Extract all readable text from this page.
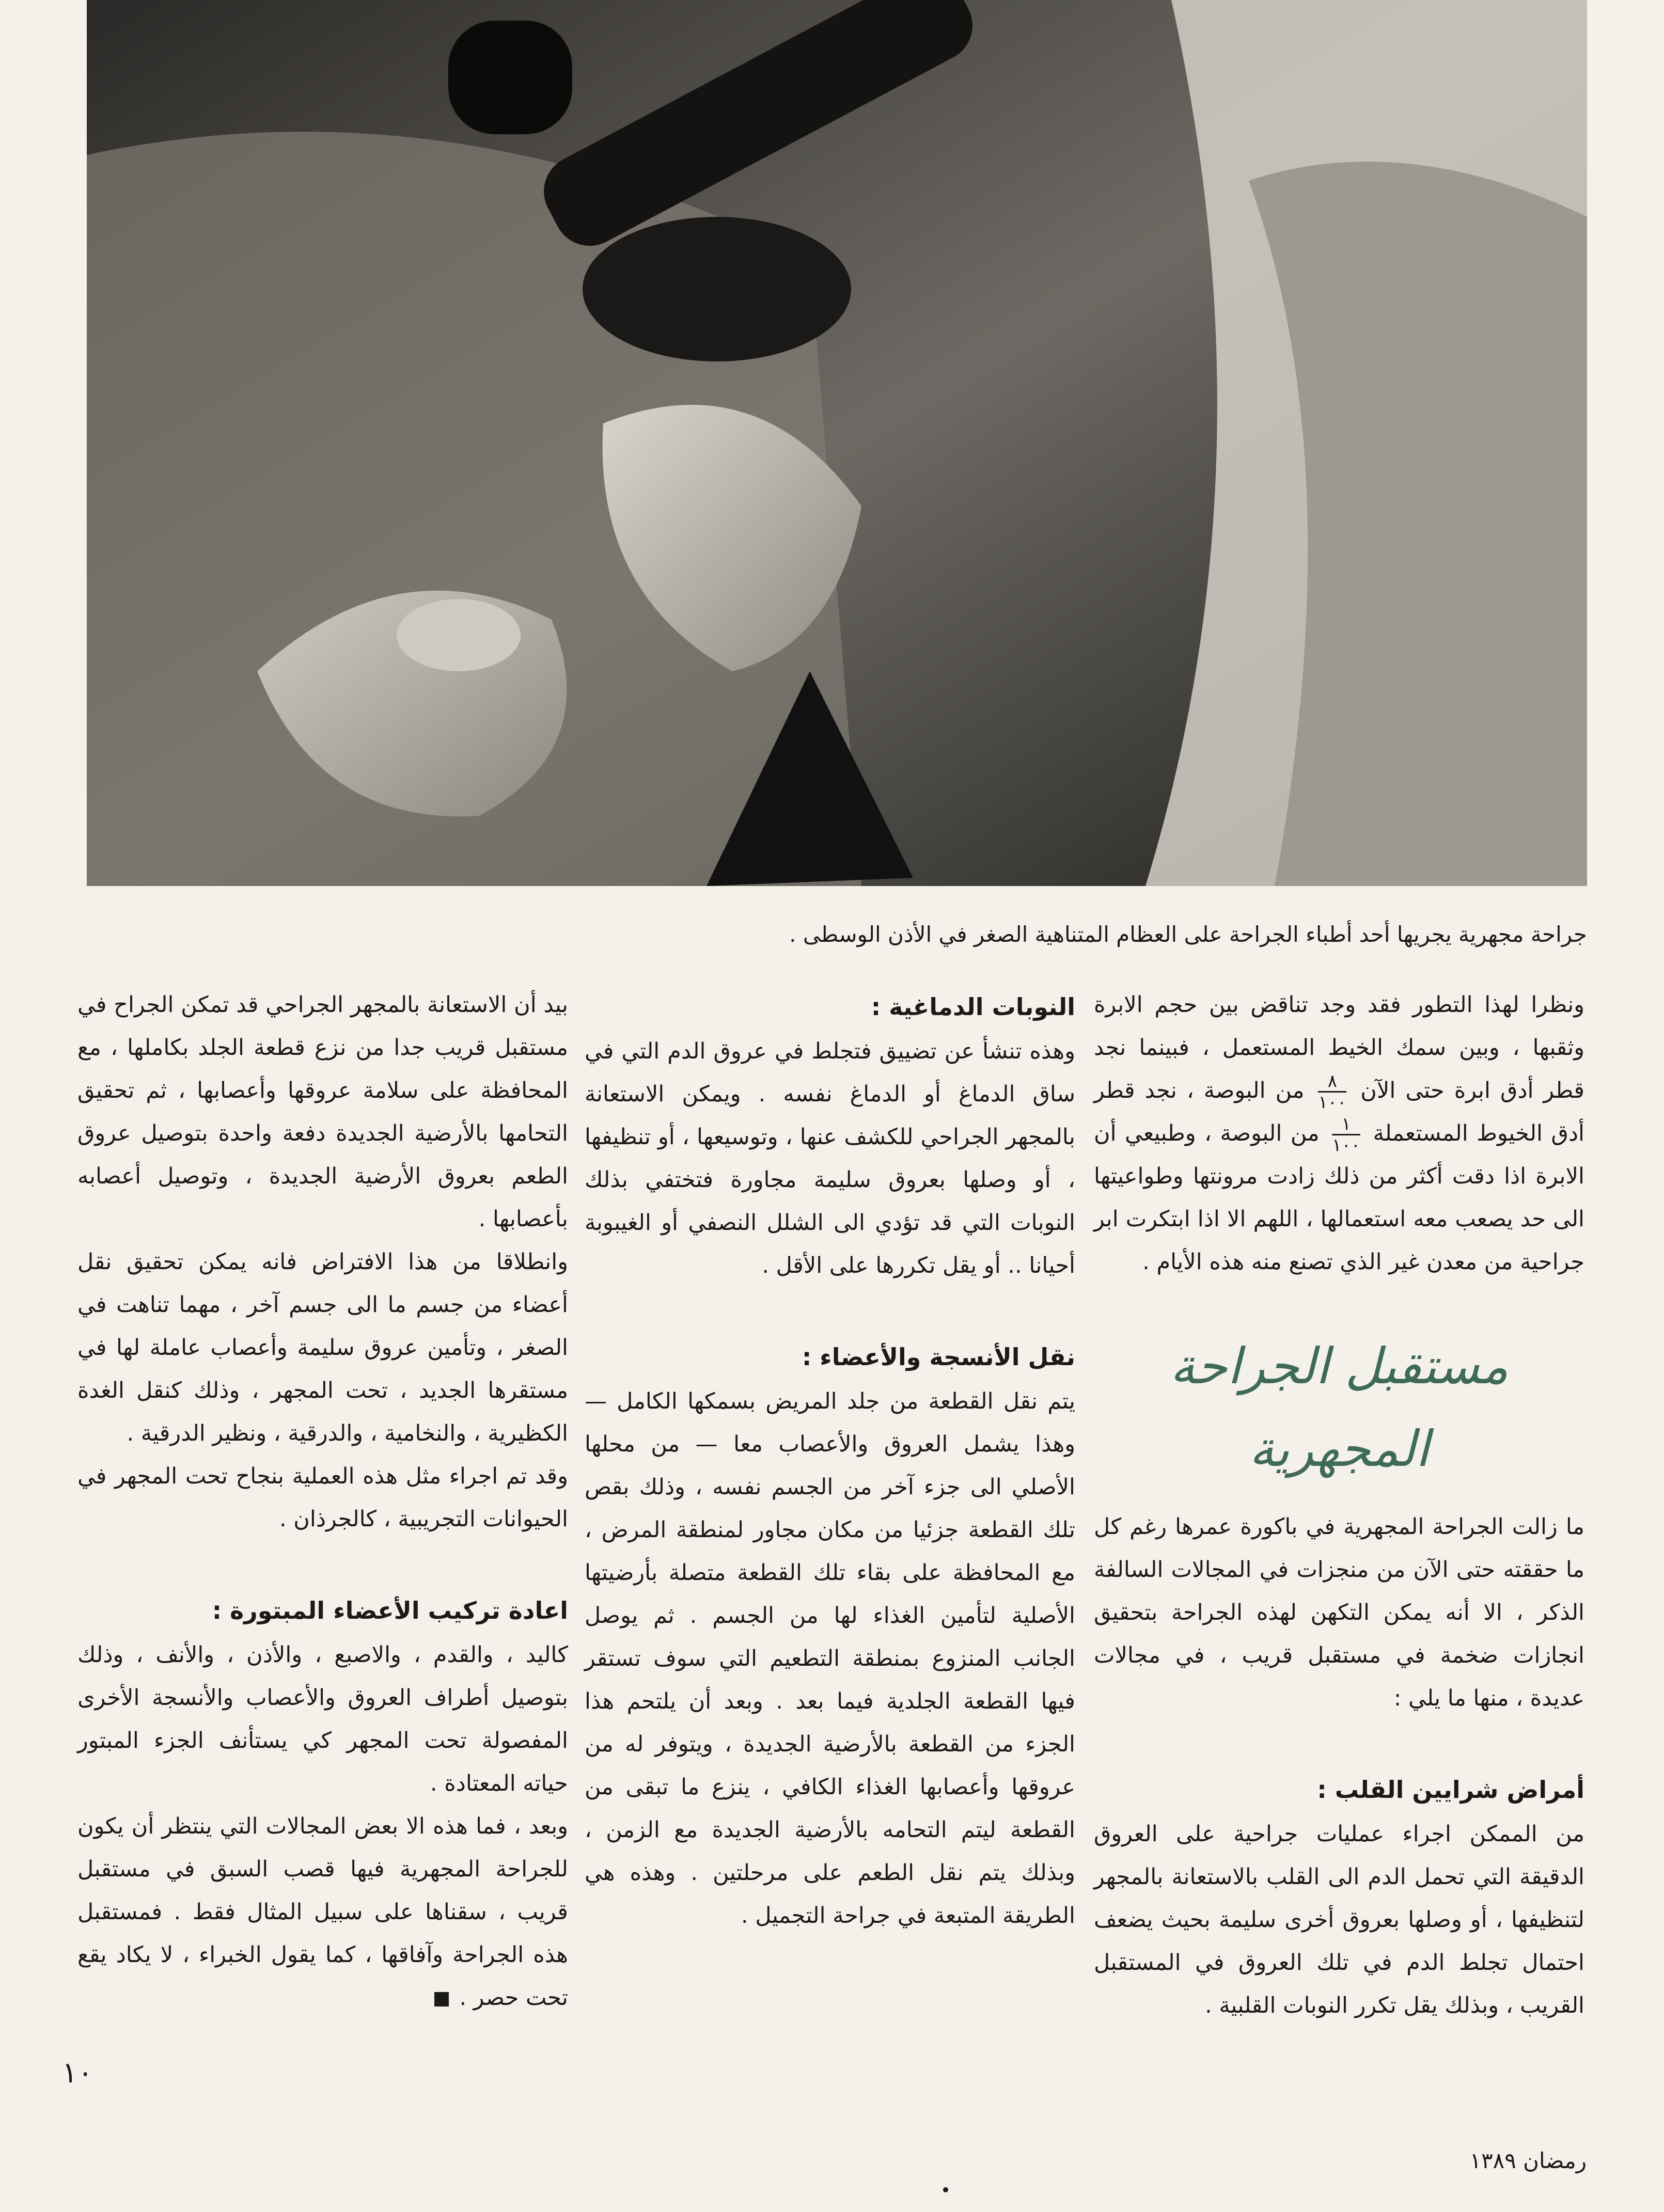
جراحة مجهرية يجريها أحد أطباء الجراحة على العظام المتناهية الصغر في الأذن الوسطى .

ونظرا لهذا التطور فقد وجد تناقض بين حجم الابرة وثقبها ، وبين سمك الخيط المستعمل ، فبينما نجد قطر أدق ابرة حتى الآن
$\frac{٨}{١٠٠}$
من البوصة ، نجد قطر أدق الخيوط المستعملة
$\frac{١}{١٠٠}$
من البوصة ، وطبيعي أن الابرة اذا دقت أكثر من ذلك زادت مرونتها وطواعيتها الى حد يصعب معه استعمالها ، اللهم الا اذا ابتكرت ابر جراحية من معدن غير الذي تصنع منه هذه الأيام .

مستقبل الجراحة المجهرية

ما زالت الجراحة المجهرية في باكورة عمرها رغم كل ما حققته حتى الآن من منجزات في المجالات السالفة الذكر ، الا أنه يمكن التكهن لهذه الجراحة بتحقيق انجازات ضخمة في مستقبل قريب ، في مجالات عديدة ، منها ما يلي :

أمراض شرايين القلب :

من الممكن اجراء عمليات جراحية على العروق الدقيقة التي تحمل الدم الى القلب بالاستعانة بالمجهر لتنظيفها ، أو وصلها بعروق أخرى سليمة بحيث يضعف احتمال تجلط الدم في تلك العروق في المستقبل القريب ، وبذلك يقل تكرر النوبات القلبية .

النوبات الدماغية :

وهذه تنشأ عن تضييق فتجلط في عروق الدم التي في ساق الدماغ أو الدماغ نفسه . ويمكن الاستعانة بالمجهر الجراحي للكشف عنها ، وتوسيعها ، أو تنظيفها ، أو وصلها بعروق سليمة مجاورة فتختفي بذلك النوبات التي قد تؤدي الى الشلل النصفي أو الغيبوبة أحيانا .. أو يقل تكررها على الأقل .

نقل الأنسجة والأعضاء :

يتم نقل القطعة من جلد المريض بسمكها الكامل — وهذا يشمل العروق والأعصاب معا — من محلها الأصلي الى جزء آخر من الجسم نفسه ، وذلك بقص تلك القطعة جزئيا من مكان مجاور لمنطقة المرض ، مع المحافظة على بقاء تلك القطعة متصلة بأرضيتها الأصلية لتأمين الغذاء لها من الجسم . ثم يوصل الجانب المنزوع بمنطقة التطعيم التي سوف تستقر فيها القطعة الجلدية فيما بعد . وبعد أن يلتحم هذا الجزء من القطعة بالأرضية الجديدة ، ويتوفر له من عروقها وأعصابها الغذاء الكافي ، ينزع ما تبقى من القطعة ليتم التحامه بالأرضية الجديدة مع الزمن ، وبذلك يتم نقل الطعم على مرحلتين . وهذه هي الطريقة المتبعة في جراحة التجميل .

بيد أن الاستعانة بالمجهر الجراحي قد تمكن الجراح في مستقبل قريب جدا من نزع قطعة الجلد بكاملها ، مع المحافظة على سلامة عروقها وأعصابها ، ثم تحقيق التحامها بالأرضية الجديدة دفعة واحدة بتوصيل عروق الطعم بعروق الأرضية الجديدة ، وتوصيل أعصابه بأعصابها .

وانطلاقا من هذا الافتراض فانه يمكن تحقيق نقل أعضاء من جسم ما الى جسم آخر ، مهما تناهت في الصغر ، وتأمين عروق سليمة وأعصاب عاملة لها في مستقرها الجديد ، تحت المجهر ، وذلك كنقل الغدة الكظيرية ، والنخامية ، والدرقية ، ونظير الدرقية .

وقد تم اجراء مثل هذه العملية بنجاح تحت المجهر في الحيوانات التجريبية ، كالجرذان .

اعادة تركيب الأعضاء المبتورة :

كاليد ، والقدم ، والاصبع ، والأذن ، والأنف ، وذلك بتوصيل أطراف العروق والأعصاب والأنسجة الأخرى المفصولة تحت المجهر كي يستأنف الجزء المبتور حياته المعتادة .

وبعد ، فما هذه الا بعض المجالات التي ينتظر أن يكون للجراحة المجهرية فيها قصب السبق في مستقبل قريب ، سقناها على سبيل المثال فقط . فمستقبل هذه الجراحة وآفاقها ، كما يقول الخبراء ، لا يكاد يقع تحت حصر .

١٠
رمضان ١٣٨٩
